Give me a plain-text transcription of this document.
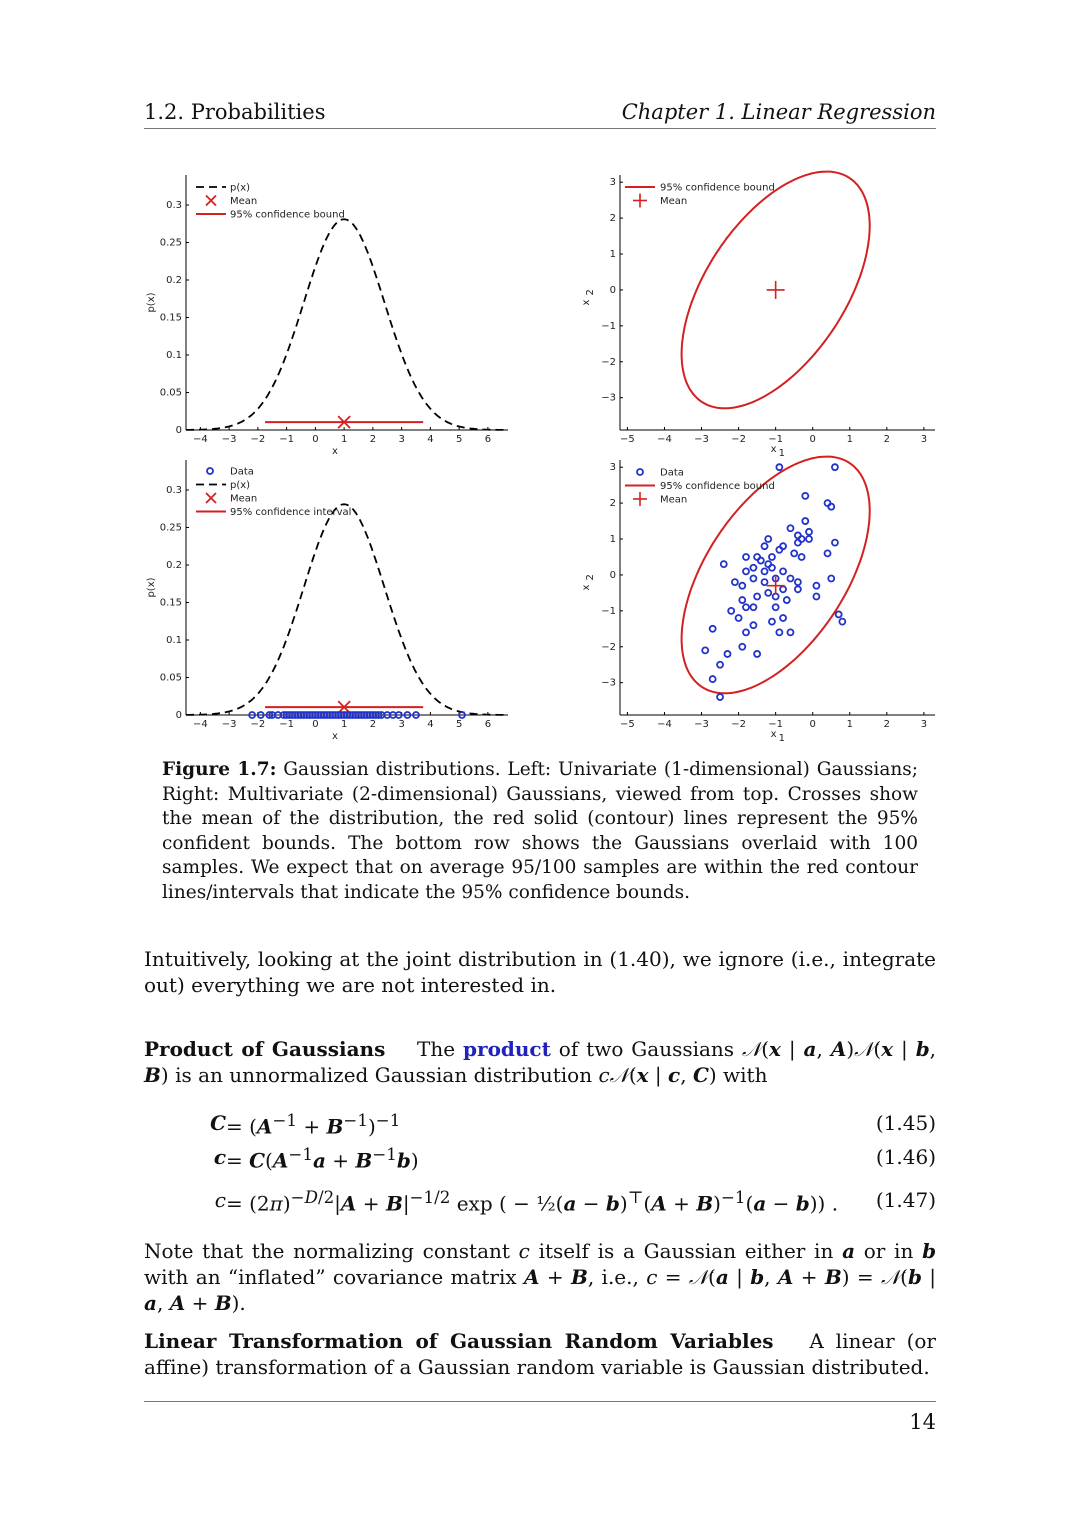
1.2. Probabilities	Chapter 1. Linear Regression
−4 −3 −2 −1 0 1 2 3 4 5 6
0
0.05
0.1
0.15
0.2
0.25
0.3
x
p(x)
p(x)
Mean
95% confidence bound
−5 −4 −3 −2 −1	0	1	2	3
3
2
1
0
−1
−2
−3
x 1
x
2
95% confidence bound
Mean
−4 −3 −2 −1 0 1 2 3 4 5 6
0
0.05
0.1
0.15
0.2
0.25
0.3
x
p(x)
Data
p(x)
Mean
95% confidence interval
−5 −4 −3 −2 −1	0	1	2	3
3
2
1
0
−1
−2
−3
x 1
x
2
Data
95% confidence bound
Mean
Figure 1.7: Gaussian distributions. Left: Univariate (1-dimensional) Gaussians; Right: Multivariate (2-dimensional) Gaussians, viewed from top. Crosses show the mean of the distribution, the red solid (contour) lines represent the 95% confident bounds. The bottom row shows the Gaussians overlaid with 100 samples. We expect that on average 95/100 samples are within the red contour lines/intervals that indicate the 95% confidence bounds.
Intuitively, looking at the joint distribution in (1.40), we ignore (i.e., integrate out) everything we are not interested in.
Product of Gaussians The product of two Gaussians 𝒩(x | a, A)𝒩(x | b, B) is an unnormalized Gaussian distribution c𝒩(x | c, C) with
$C = (A^{-1} + B^{-1})^{-1}$	(1.45)
$c = C(A^{-1}a + B^{-1}b)$	(1.46)
$c = (2\pi)^{-D/2}|A + B|^{-1/2}$ exp ( − ½(a − $b)^⊤(A + B)^{-1}(a - b)$) . (1.47)
Note that the normalizing constant c itself is a Gaussian either in a or in b with an “inflated” covariance matrix A + B, i.e., c = 𝒩(a | b, A + B) = 𝒩(b | a, A + B).
Linear Transformation of Gaussian Random Variables A linear (or affine) transformation of a Gaussian random variable is Gaussian distributed.
14
